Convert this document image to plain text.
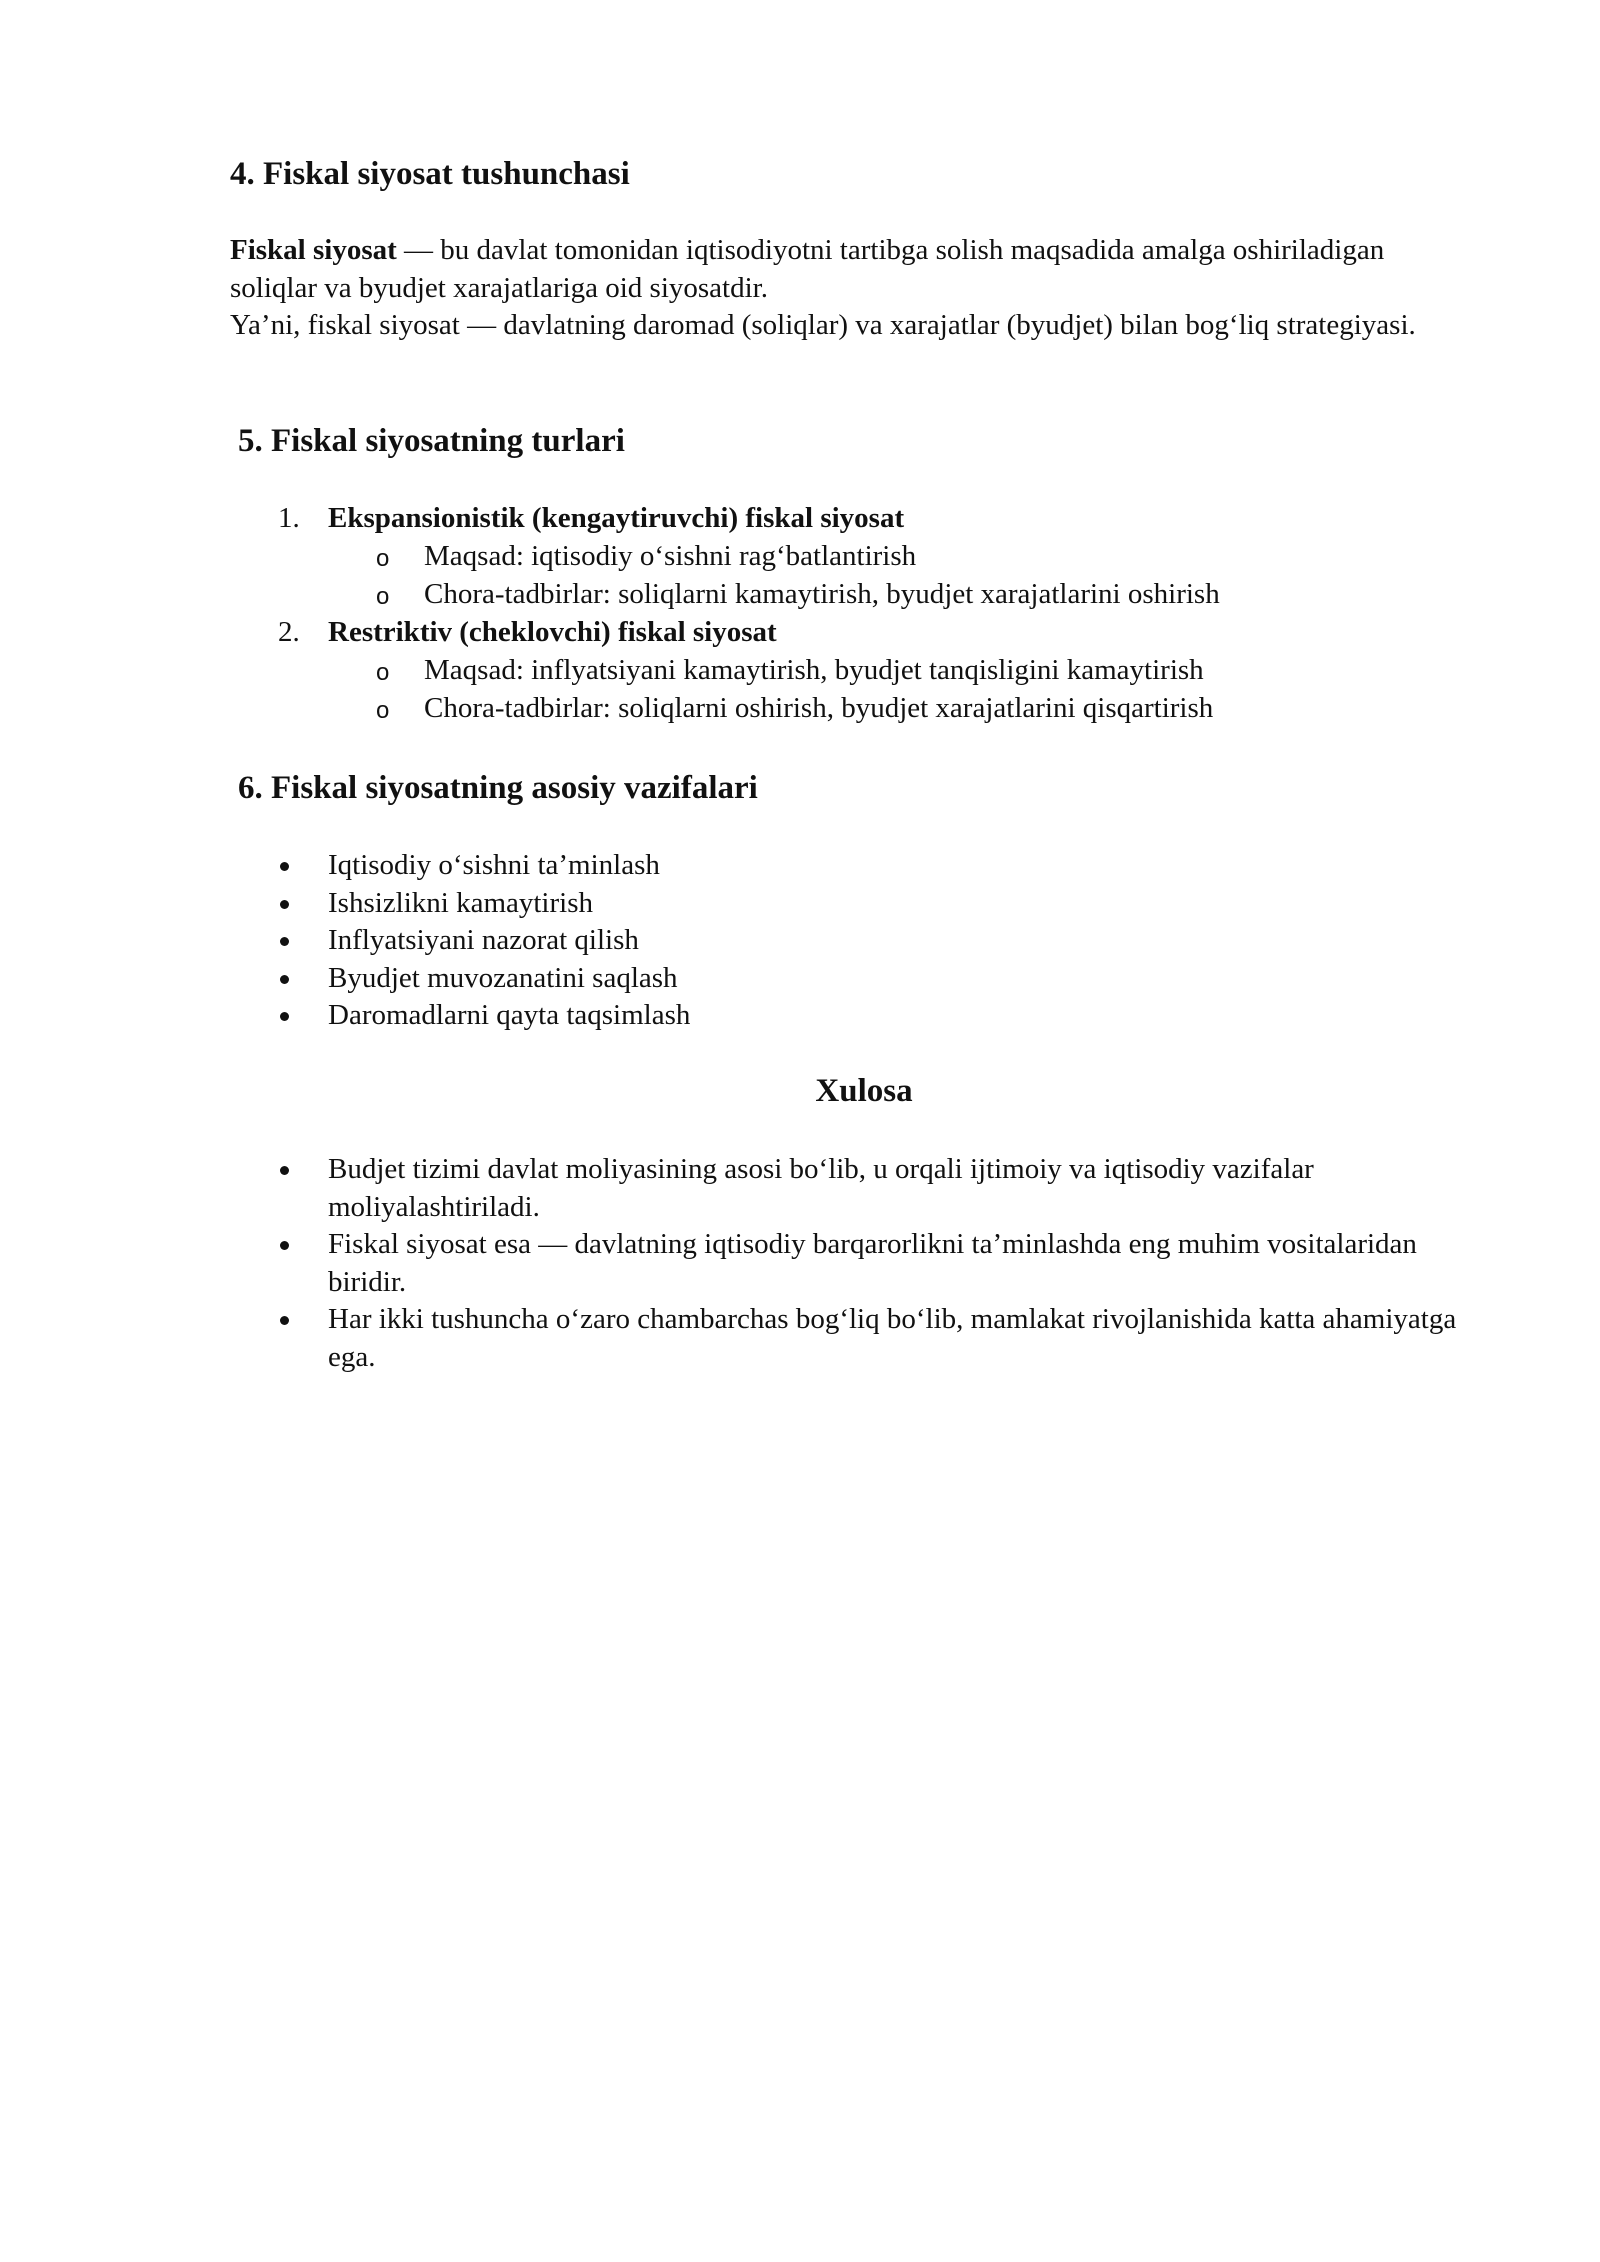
4. Fiskal siyosat tushunchasi

Fiskal siyosat — bu davlat tomonidan iqtisodiyotni tartibga solish maqsadida amalga oshiriladigan soliqlar va byudjet xarajatlariga oid siyosatdir.
Ya’ni, fiskal siyosat — davlatning daromad (soliqlar) va xarajatlar (byudjet) bilan bog‘liq strategiyasi.

5. Fiskal siyosatning turlari
1. Ekspansionistik (kengaytiruvchi) fiskal siyosat
o Maqsad: iqtisodiy o‘sishni rag‘batlantirish
o Chora-tadbirlar: soliqlarni kamaytirish, byudjet xarajatlarini oshirish
2. Restriktiv (cheklovchi) fiskal siyosat
o Maqsad: inflyatsiyani kamaytirish, byudjet tanqisligini kamaytirish
o Chora-tadbirlar: soliqlarni oshirish, byudjet xarajatlarini qisqartirish
6. Fiskal siyosatning asosiy vazifalari
Iqtisodiy o‘sishni ta’minlash
Ishsizlikni kamaytirish
Inflyatsiyani nazorat qilish
Byudjet muvozanatini saqlash
Daromadlarni qayta taqsimlash
Xulosa
Budjet tizimi davlat moliyasining asosi bo‘lib, u orqali ijtimoiy va iqtisodiy vazifalar moliyalashtiriladi.
Fiskal siyosat esa — davlatning iqtisodiy barqarorlikni ta’minlashda eng muhim vositalaridan biridir.
Har ikki tushuncha o‘zaro chambarchas bog‘liq bo‘lib, mamlakat rivojlanishida katta ahamiyatga ega.
